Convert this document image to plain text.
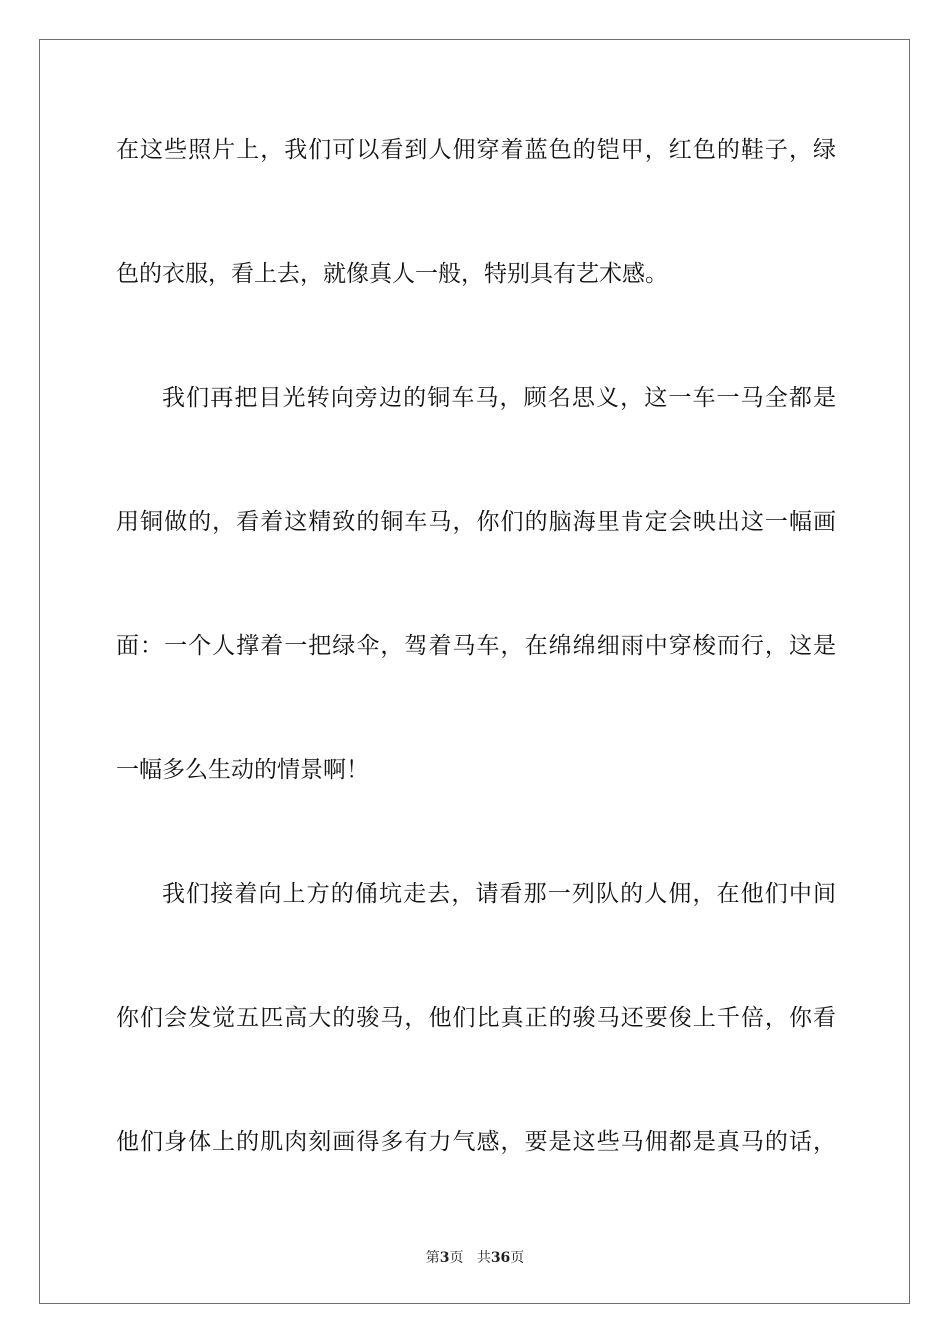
在这些照片上，我们可以看到人佣穿着蓝色的铠甲，红色的鞋子，绿
色的衣服，看上去，就像真人一般，特别具有艺术感。
我们再把目光转向旁边的铜车马，顾名思义，这一车一马全都是
用铜做的，看着这精致的铜车马，你们的脑海里肯定会映出这一幅画
面：一个人撑着一把绿伞，驾着马车，在绵绵细雨中穿梭而行，这是
一幅多么生动的情景啊！
我们接着向上方的俑坑走去，请看那一列队的人佣，在他们中间
你们会发觉五匹高大的骏马，他们比真正的骏马还要俊上千倍，你看
他们身体上的肌肉刻画得多有力气感，要是这些马佣都是真马的话，
第3页 共36页
